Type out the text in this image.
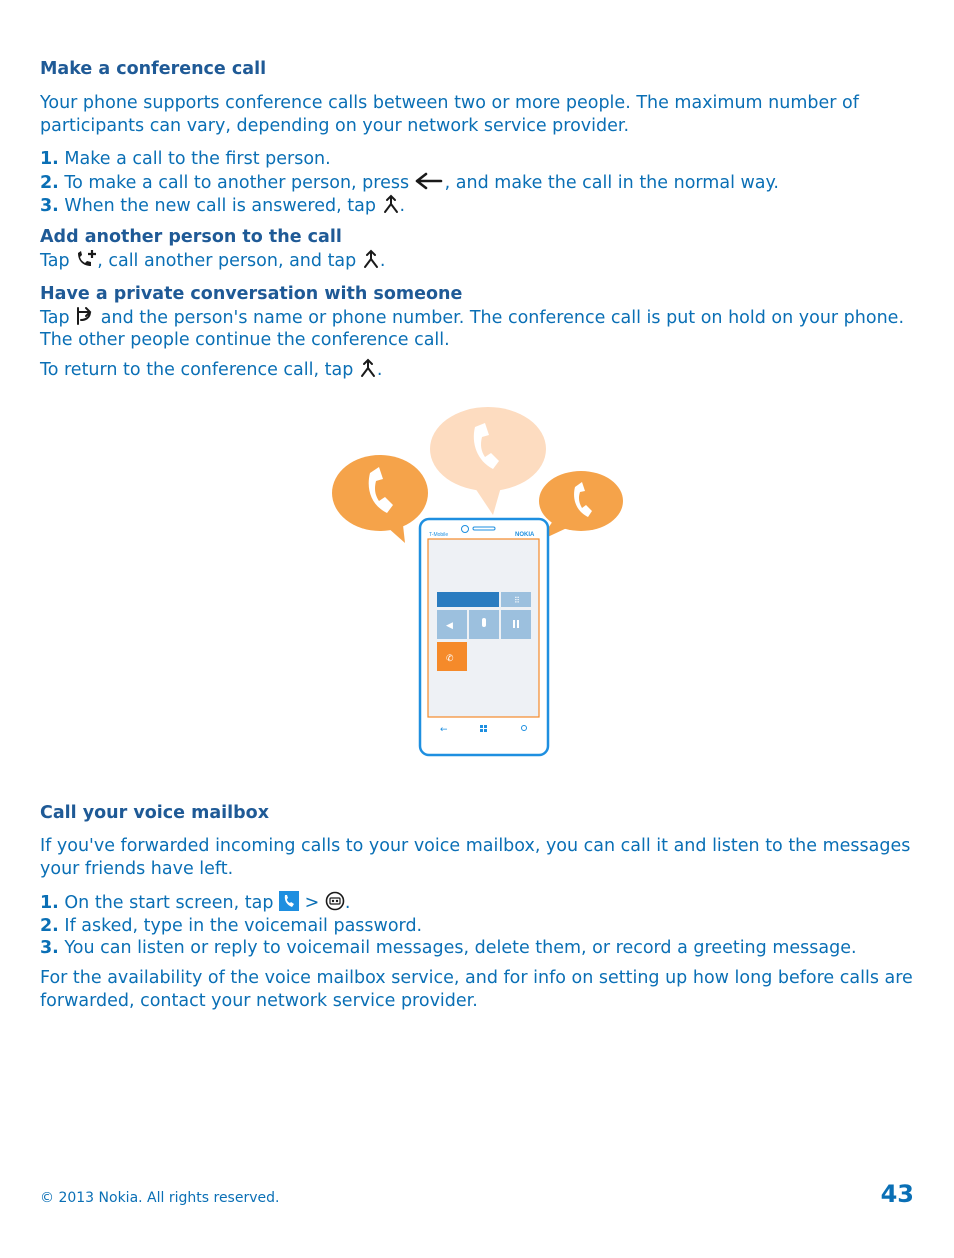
Make a conference call

Your phone supports conference calls between two or more people. The maximum number of participants can vary, depending on your network service provider.

1. Make a call to the first person.
2. To make a call to another person, press , and make the call in the normal way.
3. When the new call is answered, tap .
Add another person to the call
Tap , call another person, and tap .
Have a private conversation with someone
Tap and the person's name or phone number. The conference call is put on hold on your phone. The other people continue the conference call.
To return to the conference call, tap .
T-Mobile	NOKIA
⠿
◀
✆
←

Call your voice mailbox

If you've forwarded incoming calls to your voice mailbox, you can call it and listen to the messages your friends have left.

1. On the start screen, tap > .
2. If asked, type in the voicemail password.
3. You can listen or reply to voicemail messages, delete them, or record a greeting message.

For the availability of the voice mailbox service, and for info on setting up how long before calls are forwarded, contact your network service provider.

© 2013 Nokia. All rights reserved.	43
